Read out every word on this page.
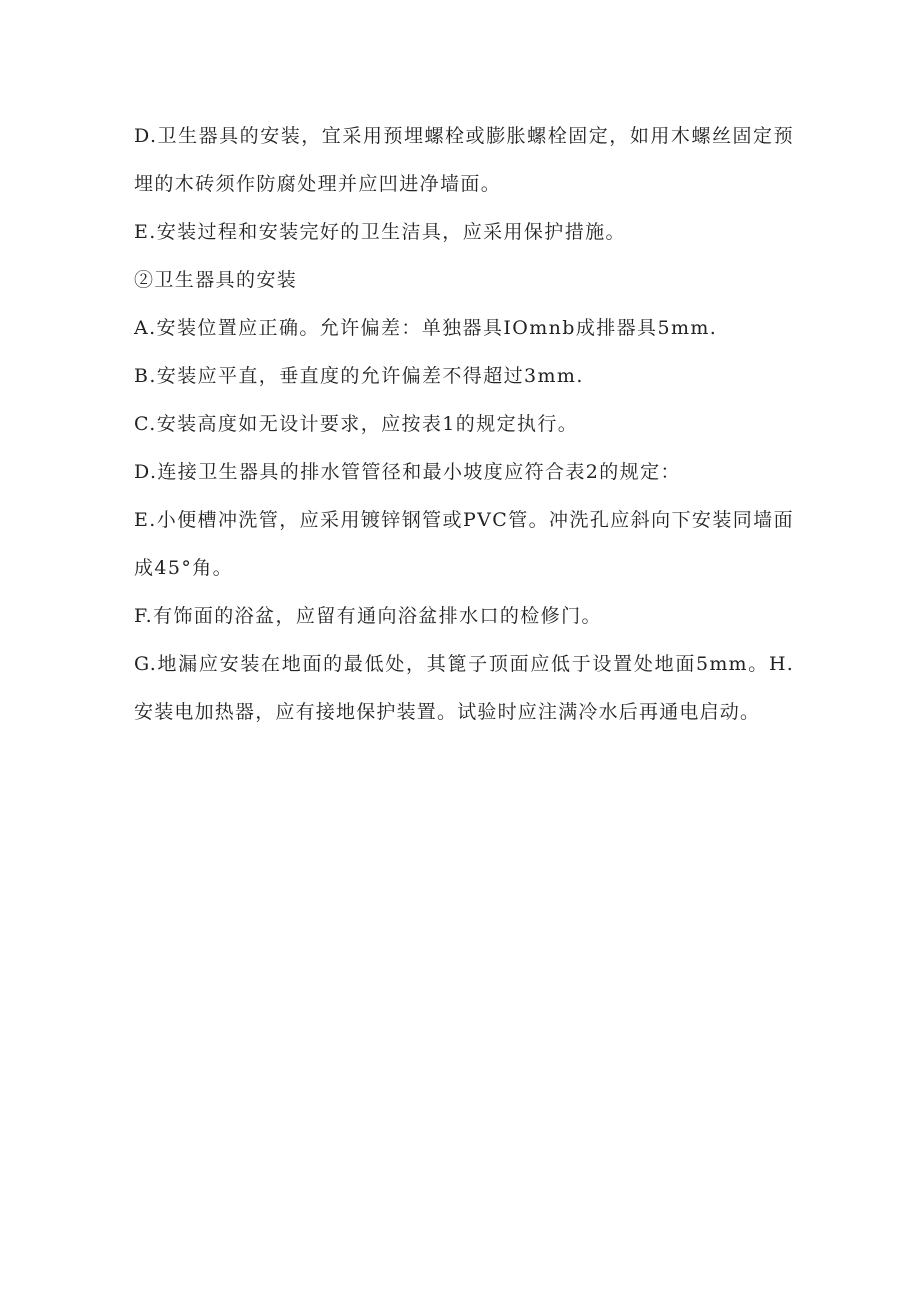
D.卫生器具的安装，宜采用预埋螺栓或膨胀螺栓固定，如用木螺丝固定预埋的木砖须作防腐处理并应凹进净墙面。

E.安装过程和安装完好的卫生洁具，应采用保护措施。

②卫生器具的安装

A.安装位置应正确。允许偏差：单独器具IOmnb成排器具5mm.

B.安装应平直，垂直度的允许偏差不得超过3mm.

C.安装高度如无设计要求，应按表1的规定执行。

D.连接卫生器具的排水管管径和最小坡度应符合表2的规定：

E.小便槽冲洗管，应采用镀锌钢管或PVC管。冲洗孔应斜向下安装同墙面成45°角。

F.有饰面的浴盆，应留有通向浴盆排水口的检修门。

G.地漏应安装在地面的最低处，其篦子顶面应低于设置处地面5mm。H.安装电加热器，应有接地保护装置。试验时应注满冷水后再通电启动。
